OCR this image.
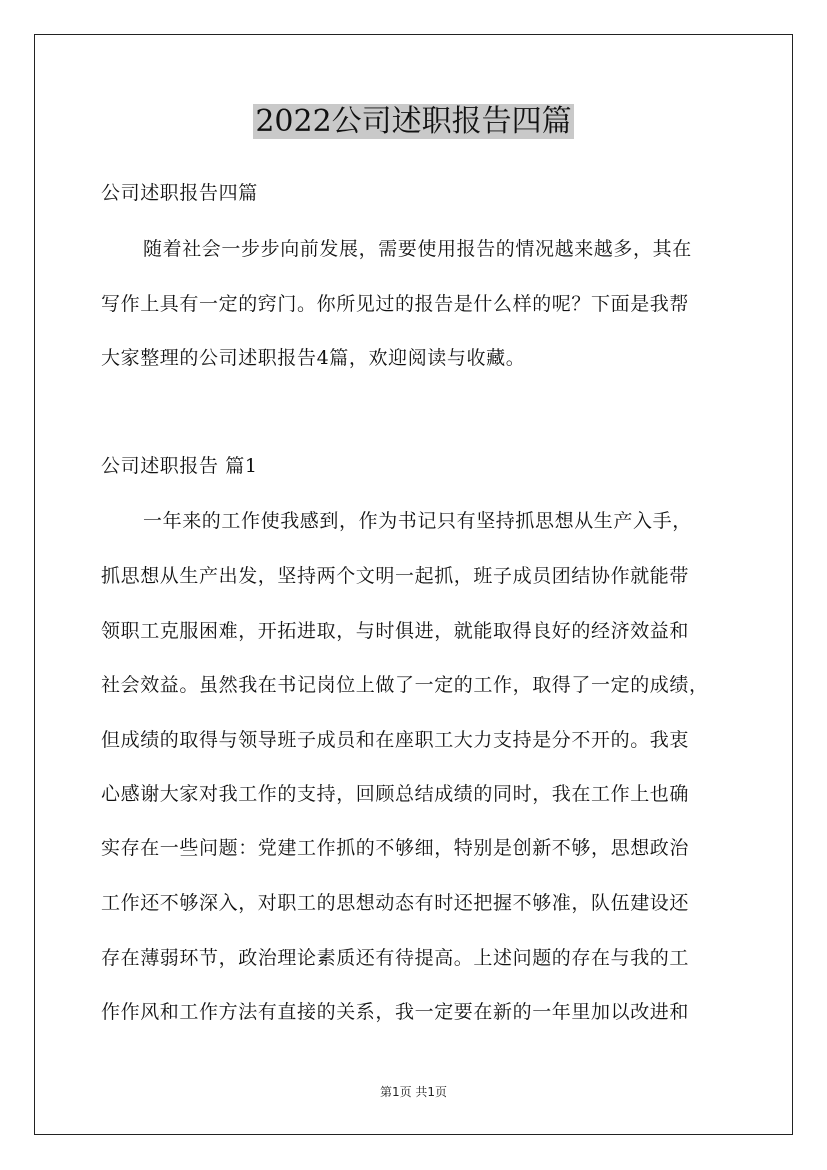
2022公司述职报告四篇
公司述职报告四篇
随着社会一步步向前发展，需要使用报告的情况越来越多，其在
写作上具有一定的窍门。你所见过的报告是什么样的呢？下面是我帮
大家整理的公司述职报告4篇，欢迎阅读与收藏。
公司述职报告 篇1
一年来的工作使我感到，作为书记只有坚持抓思想从生产入手，
抓思想从生产出发，坚持两个文明一起抓，班子成员团结协作就能带
领职工克服困难，开拓进取，与时俱进，就能取得良好的经济效益和
社会效益。虽然我在书记岗位上做了一定的工作，取得了一定的成绩，
但成绩的取得与领导班子成员和在座职工大力支持是分不开的。我衷
心感谢大家对我工作的支持，回顾总结成绩的同时，我在工作上也确
实存在一些问题：党建工作抓的不够细，特别是创新不够，思想政治
工作还不够深入，对职工的思想动态有时还把握不够准，队伍建设还
存在薄弱环节，政治理论素质还有待提高。上述问题的存在与我的工
作作风和工作方法有直接的关系，我一定要在新的一年里加以改进和
第1页 共1页
